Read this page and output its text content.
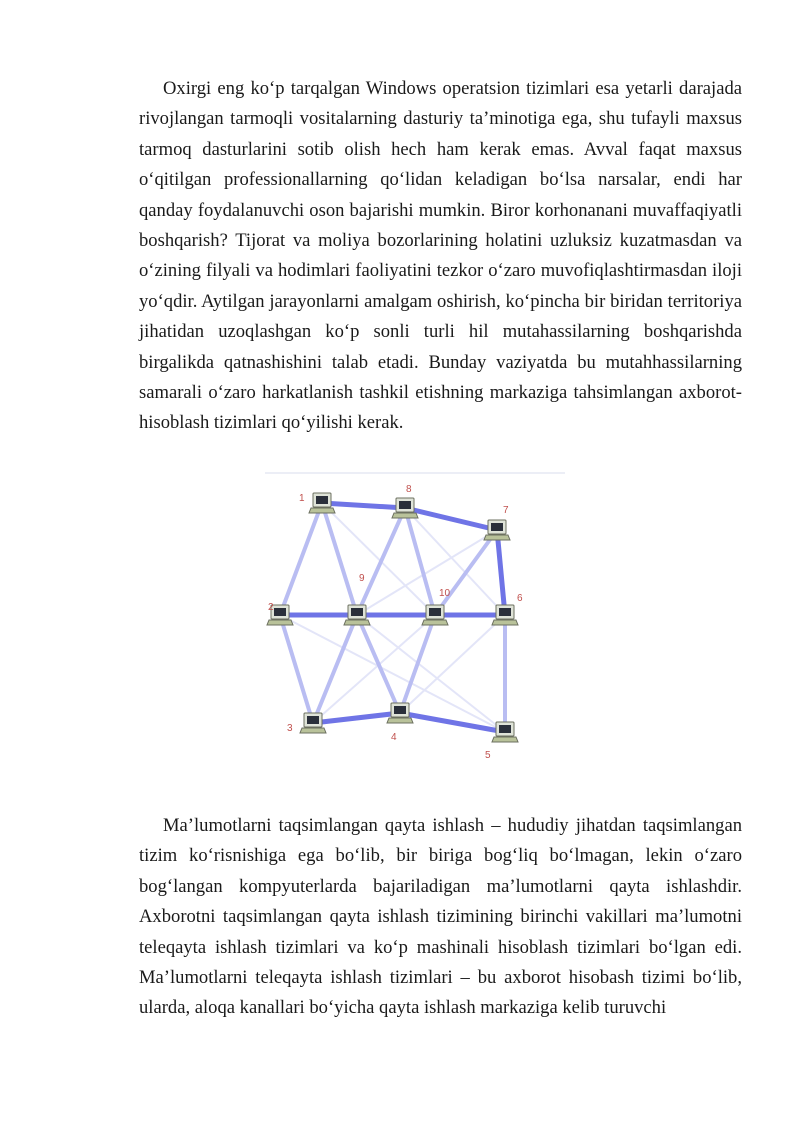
Oxirgi eng ko‘p tarqalgan Windows operatsion tizimlari esa yetarli darajada rivojlangan tarmoqli vositalarning dasturiy ta’minotiga ega, shu tufayli maxsus tarmoq dasturlarini sotib olish hech ham kerak emas. Avval faqat maxsus o‘qitilgan professionallarning qo‘lidan keladigan bo‘lsa narsalar, endi har qanday foydalanuvchi oson bajarishi mumkin. Biror korhonanani muvaffaqiyatli boshqarish? Tijorat va moliya bozorlarining holatini uzluksiz kuzatmasdan va o‘zining filyali va hodimlari faoliyatini tezkor o‘zaro muvofiqlashtirmasdan iloji yo‘qdir. Aytilgan jarayonlarni amalgam oshirish, ko‘pincha bir biridan territoriya jihatidan uzoqlashgan ko‘p sonli turli hil mutahassilarning boshqarishda birgalikda qatnashishini talab etadi. Bunday vaziyatda bu mutahhassilarning samarali o‘zaro harkatlanish tashkil etishning markaziga tahsimlangan axborot-hisoblash tizimlari qo‘yilishi kerak.

1
2
3
4
5
6
7
8
9
10

Ma’lumotlarni taqsimlangan qayta ishlash – hududiy jihatdan taqsimlangan tizim ko‘risnishiga ega bo‘lib, bir biriga bog‘liq bo‘lmagan, lekin o‘zaro bog‘langan kompyuterlarda bajariladigan ma’lumotlarni qayta ishlashdir. Axborotni taqsimlangan qayta ishlash tizimining birinchi vakillari ma’lumotni teleqayta ishlash tizimlari va ko‘p mashinali hisoblash tizimlari bo‘lgan edi. Ma’lumotlarni teleqayta ishlash tizimlari – bu axborot hisobash tizimi bo‘lib, ularda, aloqa kanallari bo‘yicha qayta ishlash markaziga kelib turuvchi
